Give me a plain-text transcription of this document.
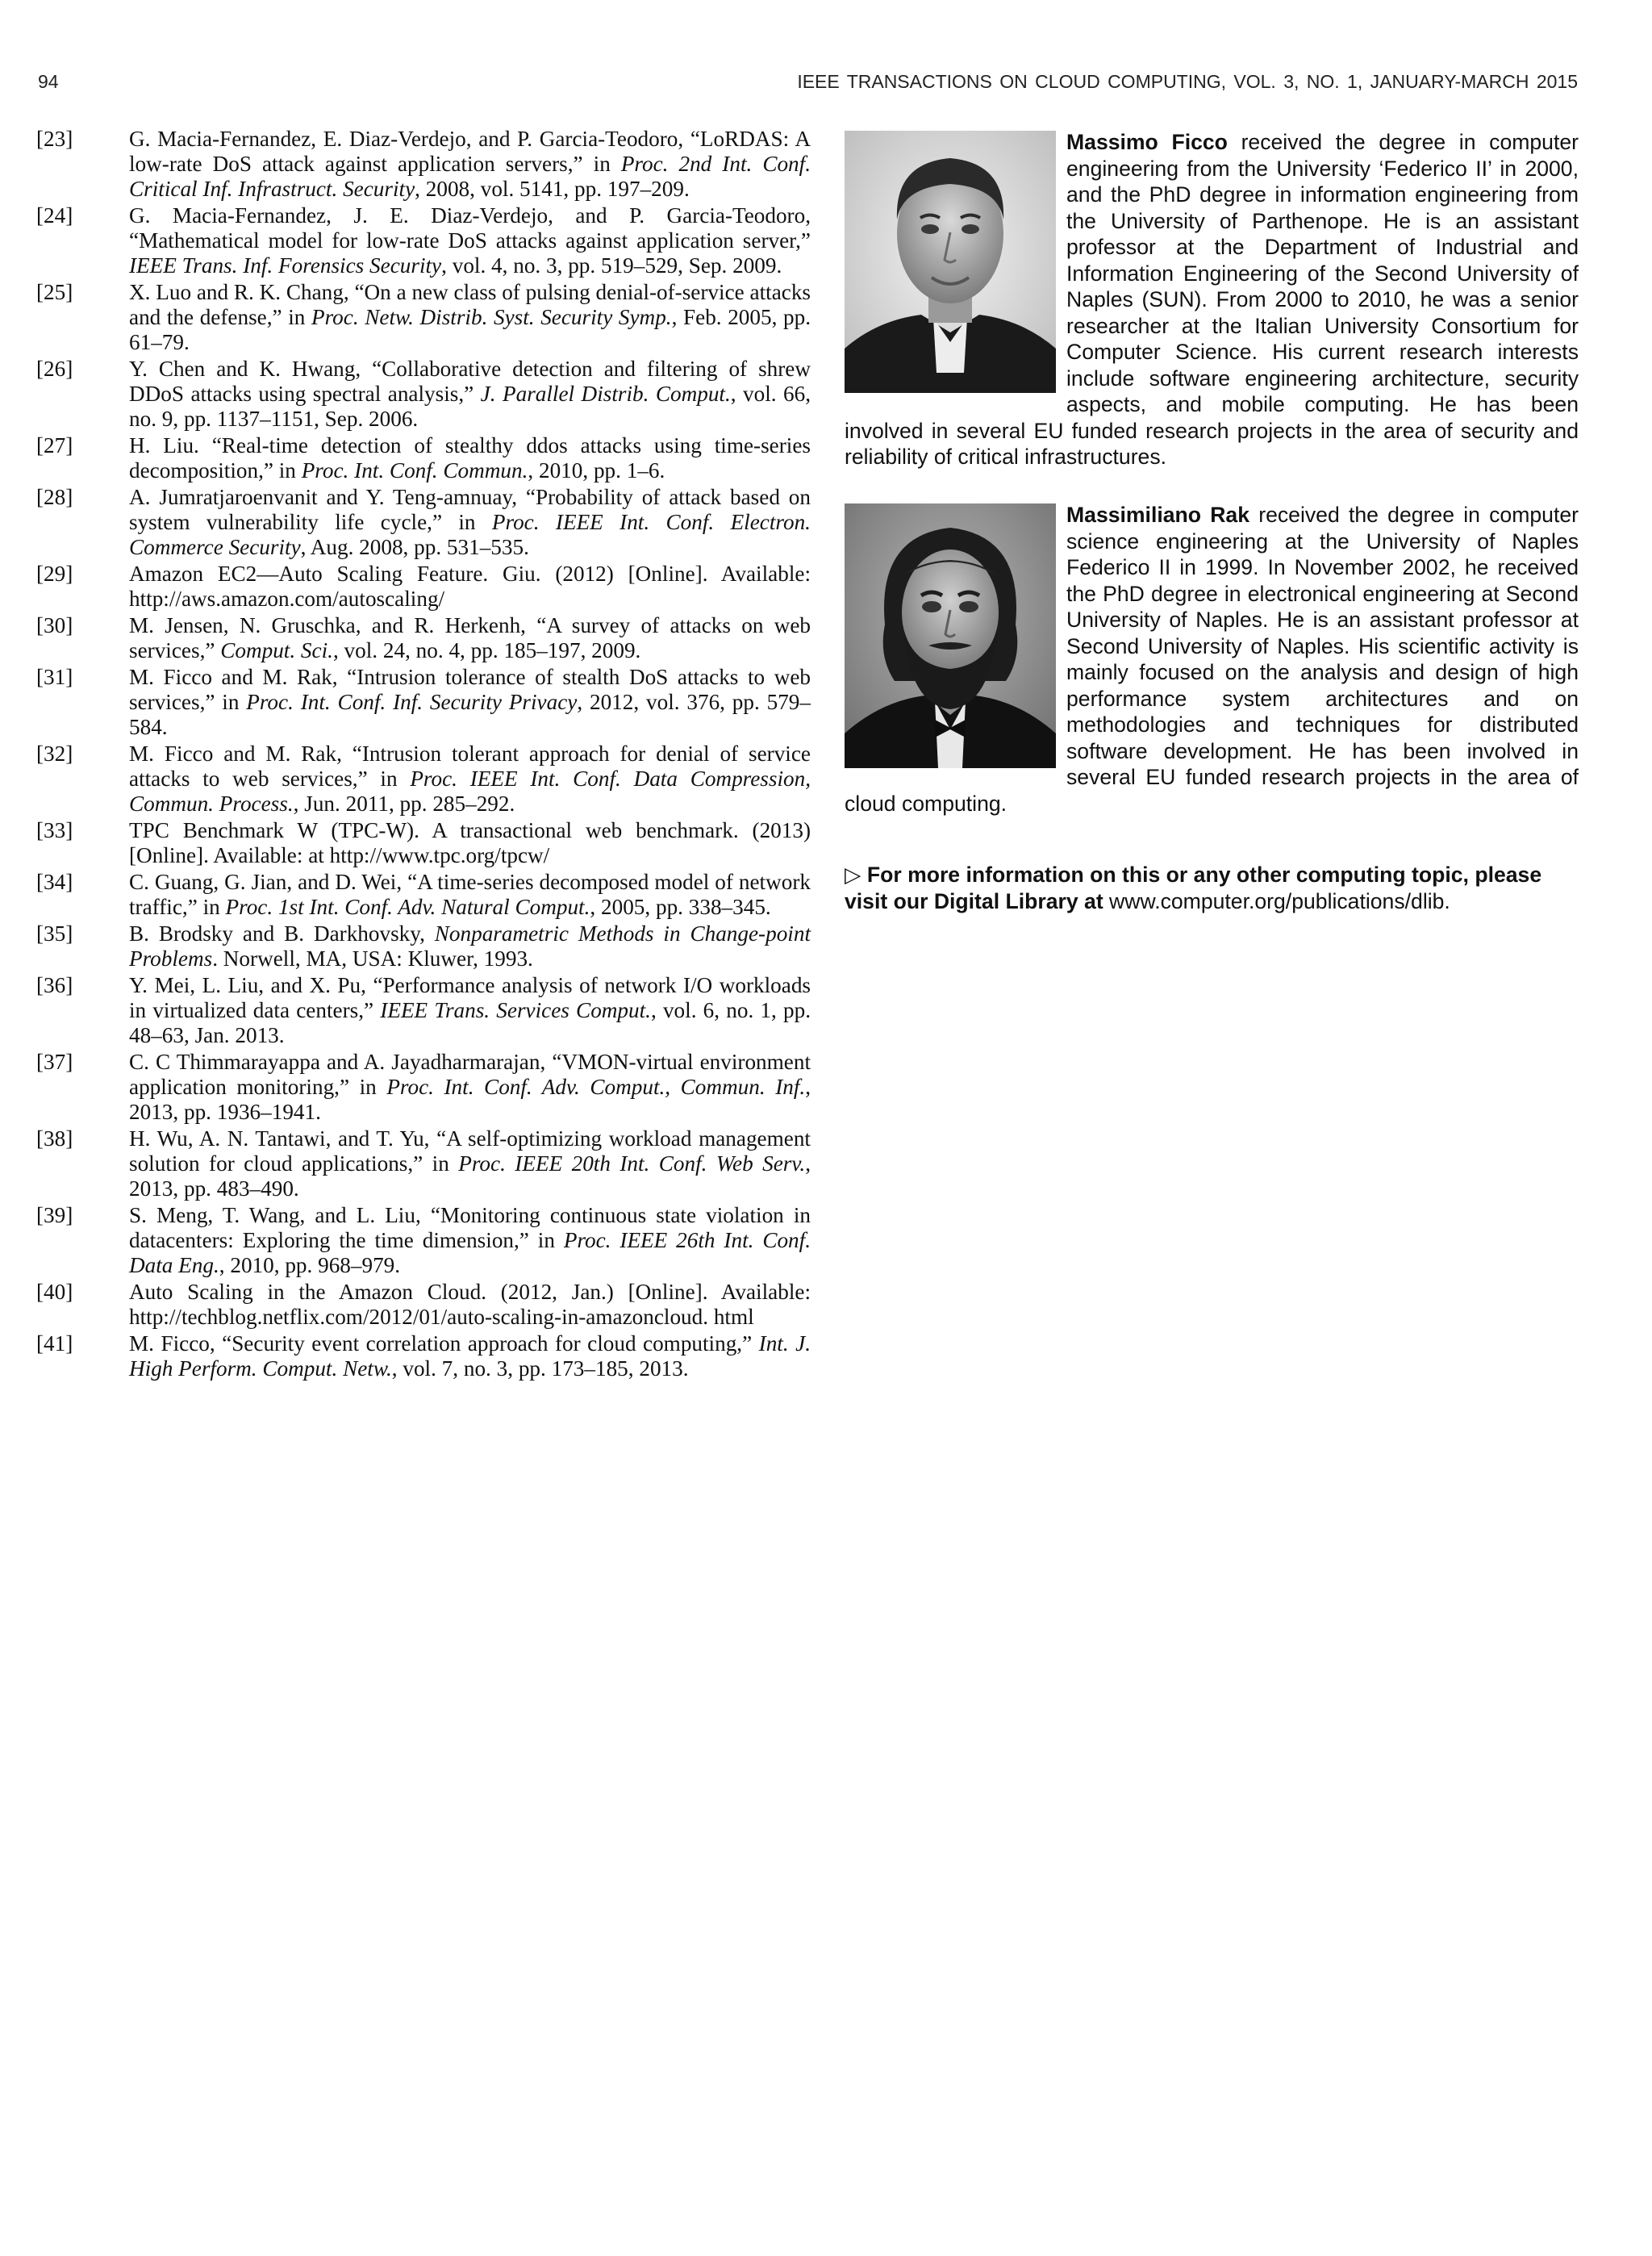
94	IEEE TRANSACTIONS ON CLOUD COMPUTING, VOL. 3, NO. 1, JANUARY-MARCH 2015
[23]	G. Macia-Fernandez, E. Diaz-Verdejo, and P. Garcia-Teodoro, “LoRDAS: A low-rate DoS attack against application servers,” in Proc. 2nd Int. Conf. Critical Inf. Infrastruct. Security, 2008, vol. 5141, pp. 197–209.
[24]	G. Macia-Fernandez, J. E. Diaz-Verdejo, and P. Garcia-Teodoro, “Mathematical model for low-rate DoS attacks against application server,” IEEE Trans. Inf. Forensics Security, vol. 4, no. 3, pp. 519–529, Sep. 2009.
[25]	X. Luo and R. K. Chang, “On a new class of pulsing denial-of-service attacks and the defense,” in Proc. Netw. Distrib. Syst. Security Symp., Feb. 2005, pp. 61–79.
[26]	Y. Chen and K. Hwang, “Collaborative detection and filtering of shrew DDoS attacks using spectral analysis,” J. Parallel Distrib. Comput., vol. 66, no. 9, pp. 1137–1151, Sep. 2006.
[27]	H. Liu. “Real-time detection of stealthy ddos attacks using time-series decomposition,” in Proc. Int. Conf. Commun., 2010, pp. 1–6.
[28]	A. Jumratjaroenvanit and Y. Teng-amnuay, “Probability of attack based on system vulnerability life cycle,” in Proc. IEEE Int. Conf. Electron. Commerce Security, Aug. 2008, pp. 531–535.
[29]	Amazon EC2—Auto Scaling Feature. Giu. (2012) [Online]. Available: http://aws.amazon.com/autoscaling/
[30]	M. Jensen, N. Gruschka, and R. Herkenh, “A survey of attacks on web services,” Comput. Sci., vol. 24, no. 4, pp. 185–197, 2009.
[31]	M. Ficco and M. Rak, “Intrusion tolerance of stealth DoS attacks to web services,” in Proc. Int. Conf. Inf. Security Privacy, 2012, vol. 376, pp. 579–584.
[32]	M. Ficco and M. Rak, “Intrusion tolerant approach for denial of service attacks to web services,” in Proc. IEEE Int. Conf. Data Compression, Commun. Process., Jun. 2011, pp. 285–292.
[33]	TPC Benchmark W (TPC-W). A transactional web benchmark. (2013) [Online]. Available: at http://www.tpc.org/tpcw/
[34]	C. Guang, G. Jian, and D. Wei, “A time-series decomposed model of network traffic,” in Proc. 1st Int. Conf. Adv. Natural Comput., 2005, pp. 338–345.
[35]	B. Brodsky and B. Darkhovsky, Nonparametric Methods in Change-point Problems. Norwell, MA, USA: Kluwer, 1993.
[36]	Y. Mei, L. Liu, and X. Pu, “Performance analysis of network I/O workloads in virtualized data centers,” IEEE Trans. Services Comput., vol. 6, no. 1, pp. 48–63, Jan. 2013.
[37]	C. C Thimmarayappa and A. Jayadharmarajan, “VMON-virtual environment application monitoring,” in Proc. Int. Conf. Adv. Comput., Commun. Inf., 2013, pp. 1936–1941.
[38]	H. Wu, A. N. Tantawi, and T. Yu, “A self-optimizing workload management solution for cloud applications,” in Proc. IEEE 20th Int. Conf. Web Serv., 2013, pp. 483–490.
[39]	S. Meng, T. Wang, and L. Liu, “Monitoring continuous state violation in datacenters: Exploring the time dimension,” in Proc. IEEE 26th Int. Conf. Data Eng., 2010, pp. 968–979.
[40]	Auto Scaling in the Amazon Cloud. (2012, Jan.) [Online]. Available: http://techblog.netflix.com/2012/01/auto-scaling-in-amazoncloud. html
[41]	M. Ficco, “Security event correlation approach for cloud computing,” Int. J. High Perform. Comput. Netw., vol. 7, no. 3, pp. 173–185, 2013.
Massimo Ficco received the degree in computer engineering from the University ‘Federico II’ in 2000, and the PhD degree in information engineering from the University of Parthenope. He is an assistant professor at the Department of Industrial and Information Engineering of the Second University of Naples (SUN). From 2000 to 2010, he was a senior researcher at the Italian University Consortium for Computer Science. His current research interests include software engineering architecture, security aspects, and mobile computing. He has been involved in several EU funded research projects in the area of security and reliability of critical infrastructures.
Massimiliano Rak received the degree in computer science engineering at the University of Naples Federico II in 1999. In November 2002, he received the PhD degree in electronical engineering at Second University of Naples. He is an assistant professor at Second University of Naples. His scientific activity is mainly focused on the analysis and design of high performance system architectures and on methodologies and techniques for distributed software development. He has been involved in several EU funded research projects in the area of cloud computing.
▷ For more information on this or any other computing topic, please visit our Digital Library at www.computer.org/publications/dlib.
